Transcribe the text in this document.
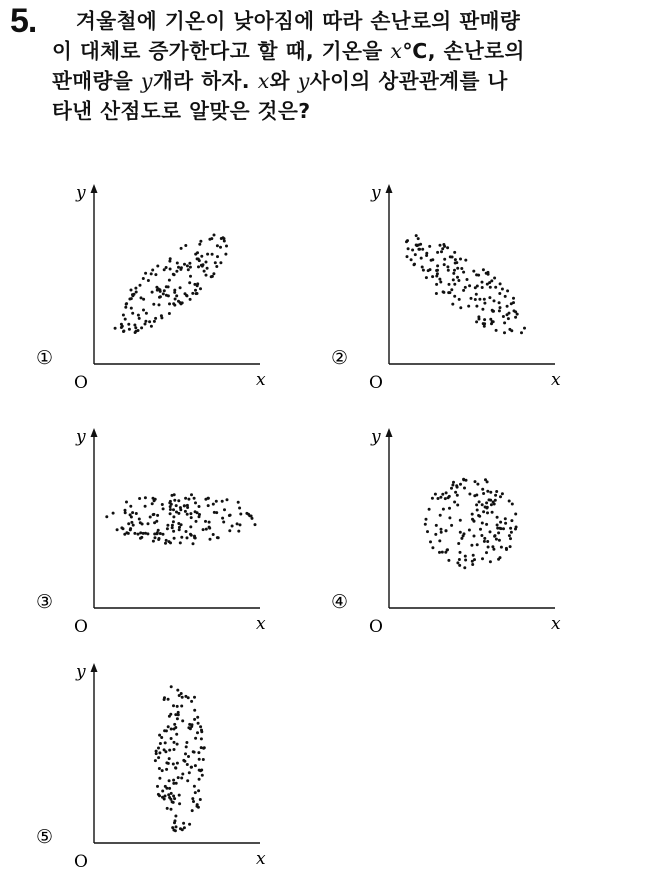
5.	겨울철에 기온이 낮아짐에 따라 손난로의 판매량
이 대체로 증가한다고 할 때, 기온을 x℃, 손난로의
판매량을 y개라 하자. x와 y사이의 상관관계를 나
타낸 산점도로 알맞은 것은?
y
x
O
①
y
x
O
②
y
x
O
③
y
x
O
④
y
x
O
⑤
